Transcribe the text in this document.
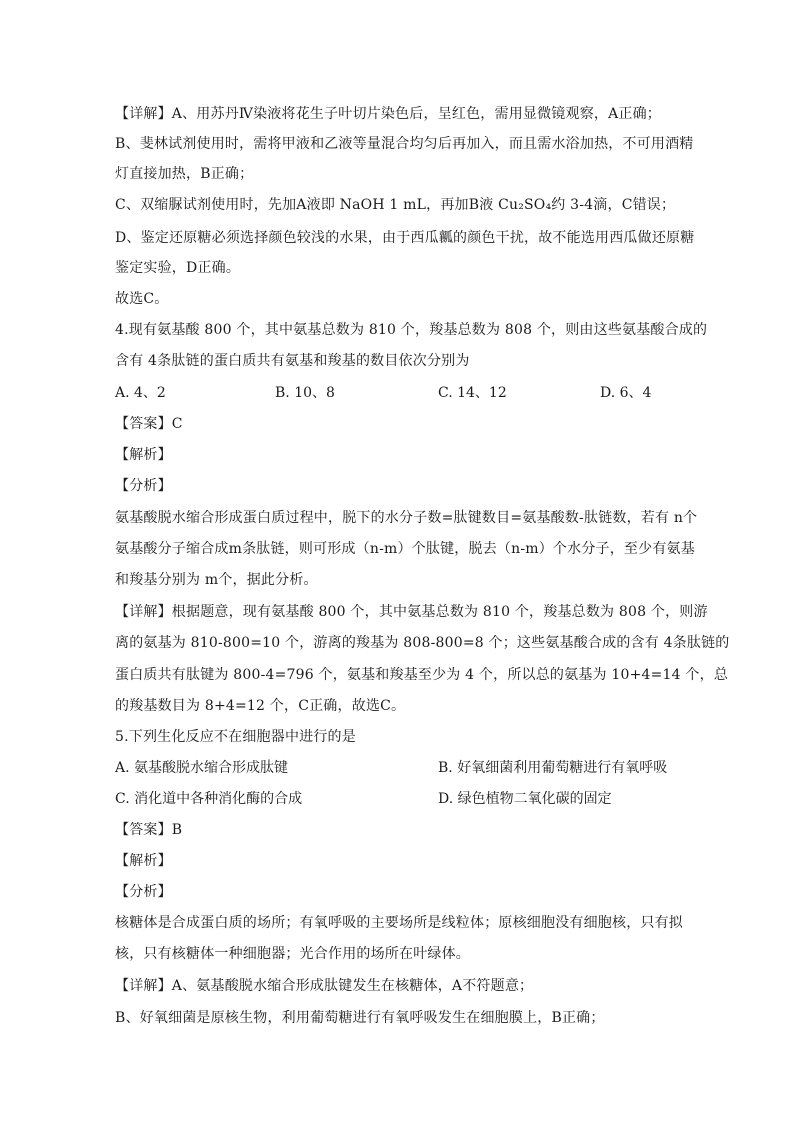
【详解】A、用苏丹Ⅳ染液将花生子叶切片染色后，呈红色，需用显微镜观察，A正确；
B、斐林试剂使用时，需将甲液和乙液等量混合均匀后再加入，而且需水浴加热，不可用酒精
灯直接加热，B正确；
C、双缩脲试剂使用时，先加A液即 NaOH 1 mL，再加B液 Cu₂SO₄约 3-4滴，C错误；
D、鉴定还原糖必须选择颜色较浅的水果，由于西瓜瓤的颜色干扰，故不能选用西瓜做还原糖
鉴定实验，D正确。
故选C。
4.现有氨基酸 800 个，其中氨基总数为 810 个，羧基总数为 808 个，则由这些氨基酸合成的
含有 4条肽链的蛋白质共有氨基和羧基的数目依次分别为
A. 4、2	B. 10、8	C. 14、12	D. 6、4
【答案】C
【解析】
【分析】
氨基酸脱水缩合形成蛋白质过程中，脱下的水分子数=肽键数目=氨基酸数-肽链数，若有 n个
氨基酸分子缩合成m条肽链，则可形成（n-m）个肽键，脱去（n-m）个水分子，至少有氨基
和羧基分别为 m个，据此分析。
【详解】根据题意，现有氨基酸 800 个，其中氨基总数为 810 个，羧基总数为 808 个，则游
离的氨基为 810-800=10 个，游离的羧基为 808-800=8 个；这些氨基酸合成的含有 4条肽链的
蛋白质共有肽键为 800-4=796 个，氨基和羧基至少为 4 个，所以总的氨基为 10+4=14 个，总
的羧基数目为 8+4=12 个，C正确，故选C。
5.下列生化反应不在细胞器中进行的是
A. 氨基酸脱水缩合形成肽键	B. 好氧细菌利用葡萄糖进行有氧呼吸
C. 消化道中各种消化酶的合成	D. 绿色植物二氧化碳的固定
【答案】B
【解析】
【分析】
核糖体是合成蛋白质的场所；有氧呼吸的主要场所是线粒体；原核细胞没有细胞核，只有拟
核，只有核糖体一种细胞器；光合作用的场所在叶绿体。
【详解】A、氨基酸脱水缩合形成肽键发生在核糖体，A不符题意；
B、好氧细菌是原核生物，利用葡萄糖进行有氧呼吸发生在细胞膜上，B正确；
